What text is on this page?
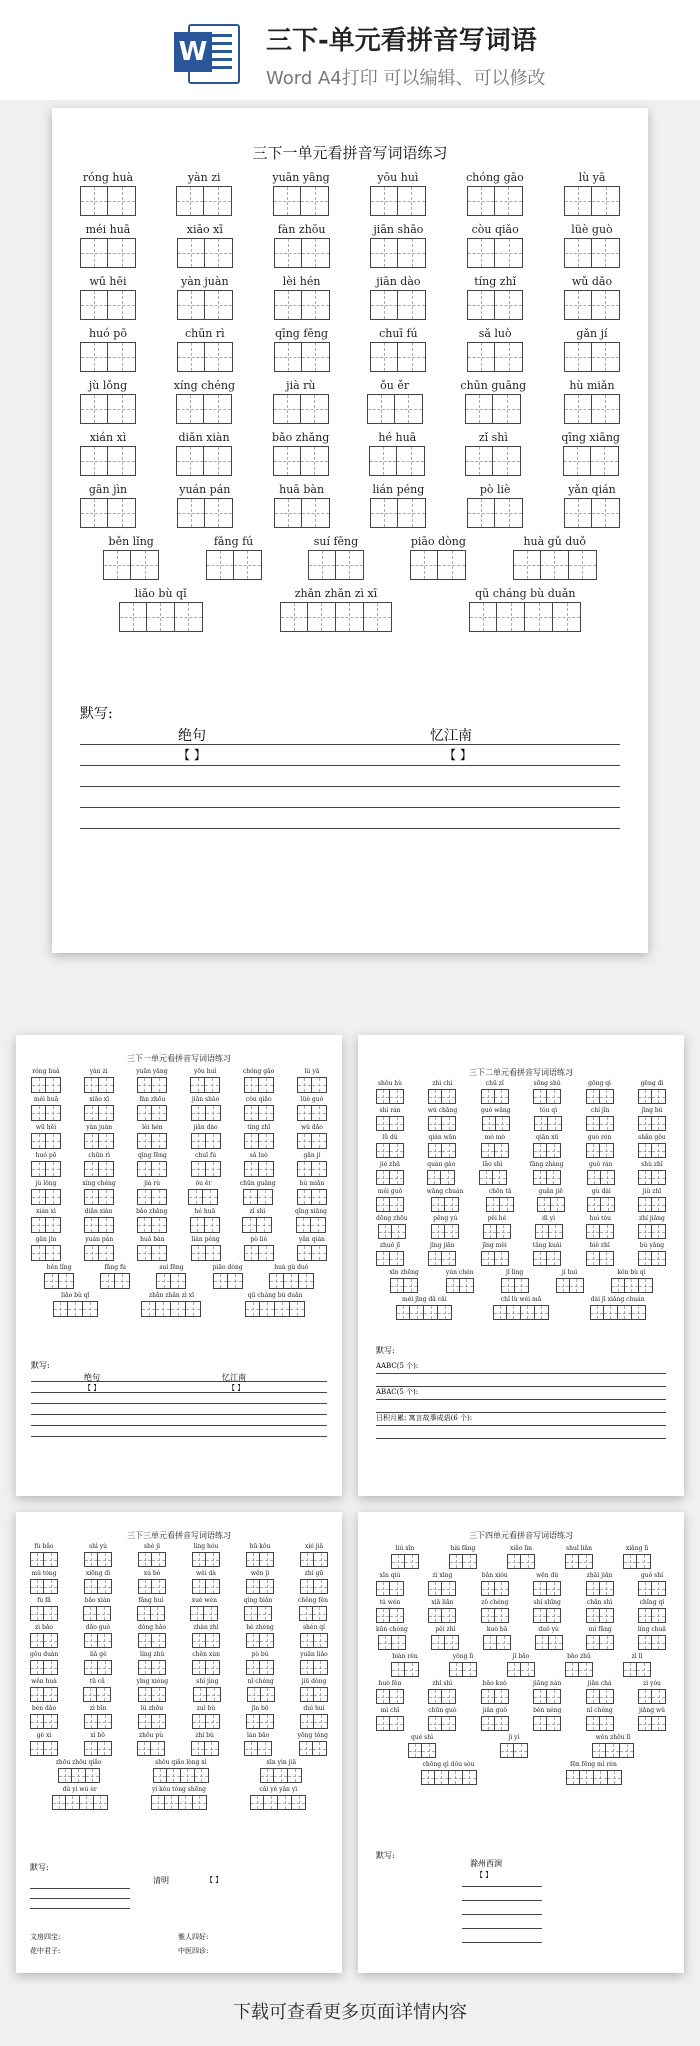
W 三下-单元看拼音写词语
Word A4打印 可以编辑、可以修改
三下一单元看拼音写词语练习
róng huà	yàn zi	yuān yāng	yōu huì	chóng gāo	lù yā
méi huā	xiāo xī	fàn zhōu	jiān shāo	còu qiǎo	lüè guò
wū hēi	yàn juàn	lèi hén	jiān dào	tíng zhǐ	wǔ dǎo
huó pō	chūn rì	qīng fēng	chuī fú	sǎ luò	gǎn jí
jù lǒng	xíng chéng	jià rù	ǒu ěr	chūn guāng	hù miǎn
xián xì	diǎn xiàn	bǎo zhǎng	hé huā	zǐ shì	qīng xiāng
gān jìn	yuán pán	huā bàn	lián péng	pò liè	yǎn qián
běn lǐng	fǎng fú	suí fēng	piāo dòng	huà gǔ duǒ
liǎo bù qǐ	zhǎn zhǎn zì xī	qū cháng bù duǎn
默写:
绝句
【 】
忆江南
【 】
三下一单元看拼音写词语练习
róng huà	yàn zi	yuān yāng	yōu huì	chóng gāo	lù yā
méi huā	xiāo xī	fàn zhōu	jiān shāo	còu qiǎo	lüè guò
wū hēi	yàn juàn	lèi hén	jiān dào	tíng zhǐ	wǔ dǎo
huó pō	chūn rì	qīng fēng	chuī fú	sǎ luò	gǎn jí
jù lǒng	xíng chéng	jià rù	ǒu ěr	chūn guāng	hù miǎn
xián xì	diǎn xiàn	bǎo zhǎng	hé huā	zǐ shì	qīng xiāng
gān jìn	yuán pán	huā bàn	lián péng	pò liè	yǎn qián
běn lǐng	fǎng fú	suí fēng	piāo dòng	huà gǔ duǒ
liǎo bù qǐ	zhǎn zhǎn zì xī	qū cháng bù duǎn
默写:
绝句
【 】
忆江南
【 】
三下二单元看拼音写词语练习
shǒu hù	zhì chì	chū zǐ	sōng shǔ	gōng qì	gēng dì
shì rán	wǔ chāng	guò wǎng	tóu qì	chí jǐn	jǐng bù
lǜ dǔ	qián wǎn	mò mò	qiān xū	guò rén	shǎn gǒu
jié zhū	quàn gào	lǎo shì	fāng zhàng	guǒ rán	shù zhī
méi guǒ	wǎng chuán	chōn tā	guǎn jiē	gù dài	jiù zhī
dōng zhōu	pēng yú	pěi hé	dì yì	huì tóu	zhí jiāng
zhuō jī	jīng jiān	jīng mèi	tāng kuài	biè zhī	bù yāng
xīn zhēng	yún chén	jī lìng	jí huì	kěn bù qì
méi jīng dǎ cǎi	chǐ lù wéi mǎ	dài jī xiǎng chuán
默写:
AABC(5 个):
ABAC(5 个):
日积月累: 寓言故事成语(6 个):
三下三单元看拼音写词语练习
fù bǎo	shì yù	shè jì	líng hóu	hū kǒu	xié jiǎ
mǔ tóng	xiōng dì	xú bó	wěi dà	wěn jì	zhì gū
fù fǎ	bǎo xián	fǎng huì	xuè wèn	qíng biǎn	chǒng fěn
zì bǎo	dǎo guò	dǒng hǎo	zhàn zhì	hé zhèng	shén qí
gǒu duàn	liǎ gè	líng zhǔ	chěn xùn	pò bù	yuān liǎo
wěn huà	tū cǎ	yīng xióng	shí jìng	nǐ chéng	jiū dòng
bèn dǎo	zì bǐn	lù zhōu	zuì bù	jīn bō	duì huì
gè xì	xì bō	zhōu pù	zhí bù	lán bǎo	yōng tóng
zhōu zhōu qiǎo	shǒu qiǎo lòng xì	xīn yìn jiā
dú yì wú èr	yì kǒu tóng shēng	cǎi yě yān yì
默写:
清明	【 】
文房四宝:	雅人四好:
花中君子:	中医四诊:
三下四单元看拼音写词语练习
liú xīn	hài fǎng	xiǎo lìn	shuǐ liǎn	xiǎng lì
xīn qiú	zì xīng	bǎn xióu	wēn dù	zhāi jiǎn	guǒ shí
tú wén	xiǎ liǎn	zǒ chéng	shí shīng	chǎn shì	chǐng qí
kūn chóng	pěi zhì	kuò bā	duǒ yù	mí fǎng	líng chuǎ
biàn rěn	yǒng lì	jǐ bǎo	bǎo zhǔ	zì lǐ
huò fěn	zhǐ shì	bǎo kuò	jiāng nán	jiǎn chá	zì yóu
mì chī	chūn guò	jiǎn guǒ	běn néng	nǐ chéng	jiǎng wǔ
qué shì	jì yì	wěn zhōu lǐ
chōng qì dǒu sòu	fēn fēng mì rèn
默写:
滁州西涧
【 】
下载可查看更多页面详情内容
